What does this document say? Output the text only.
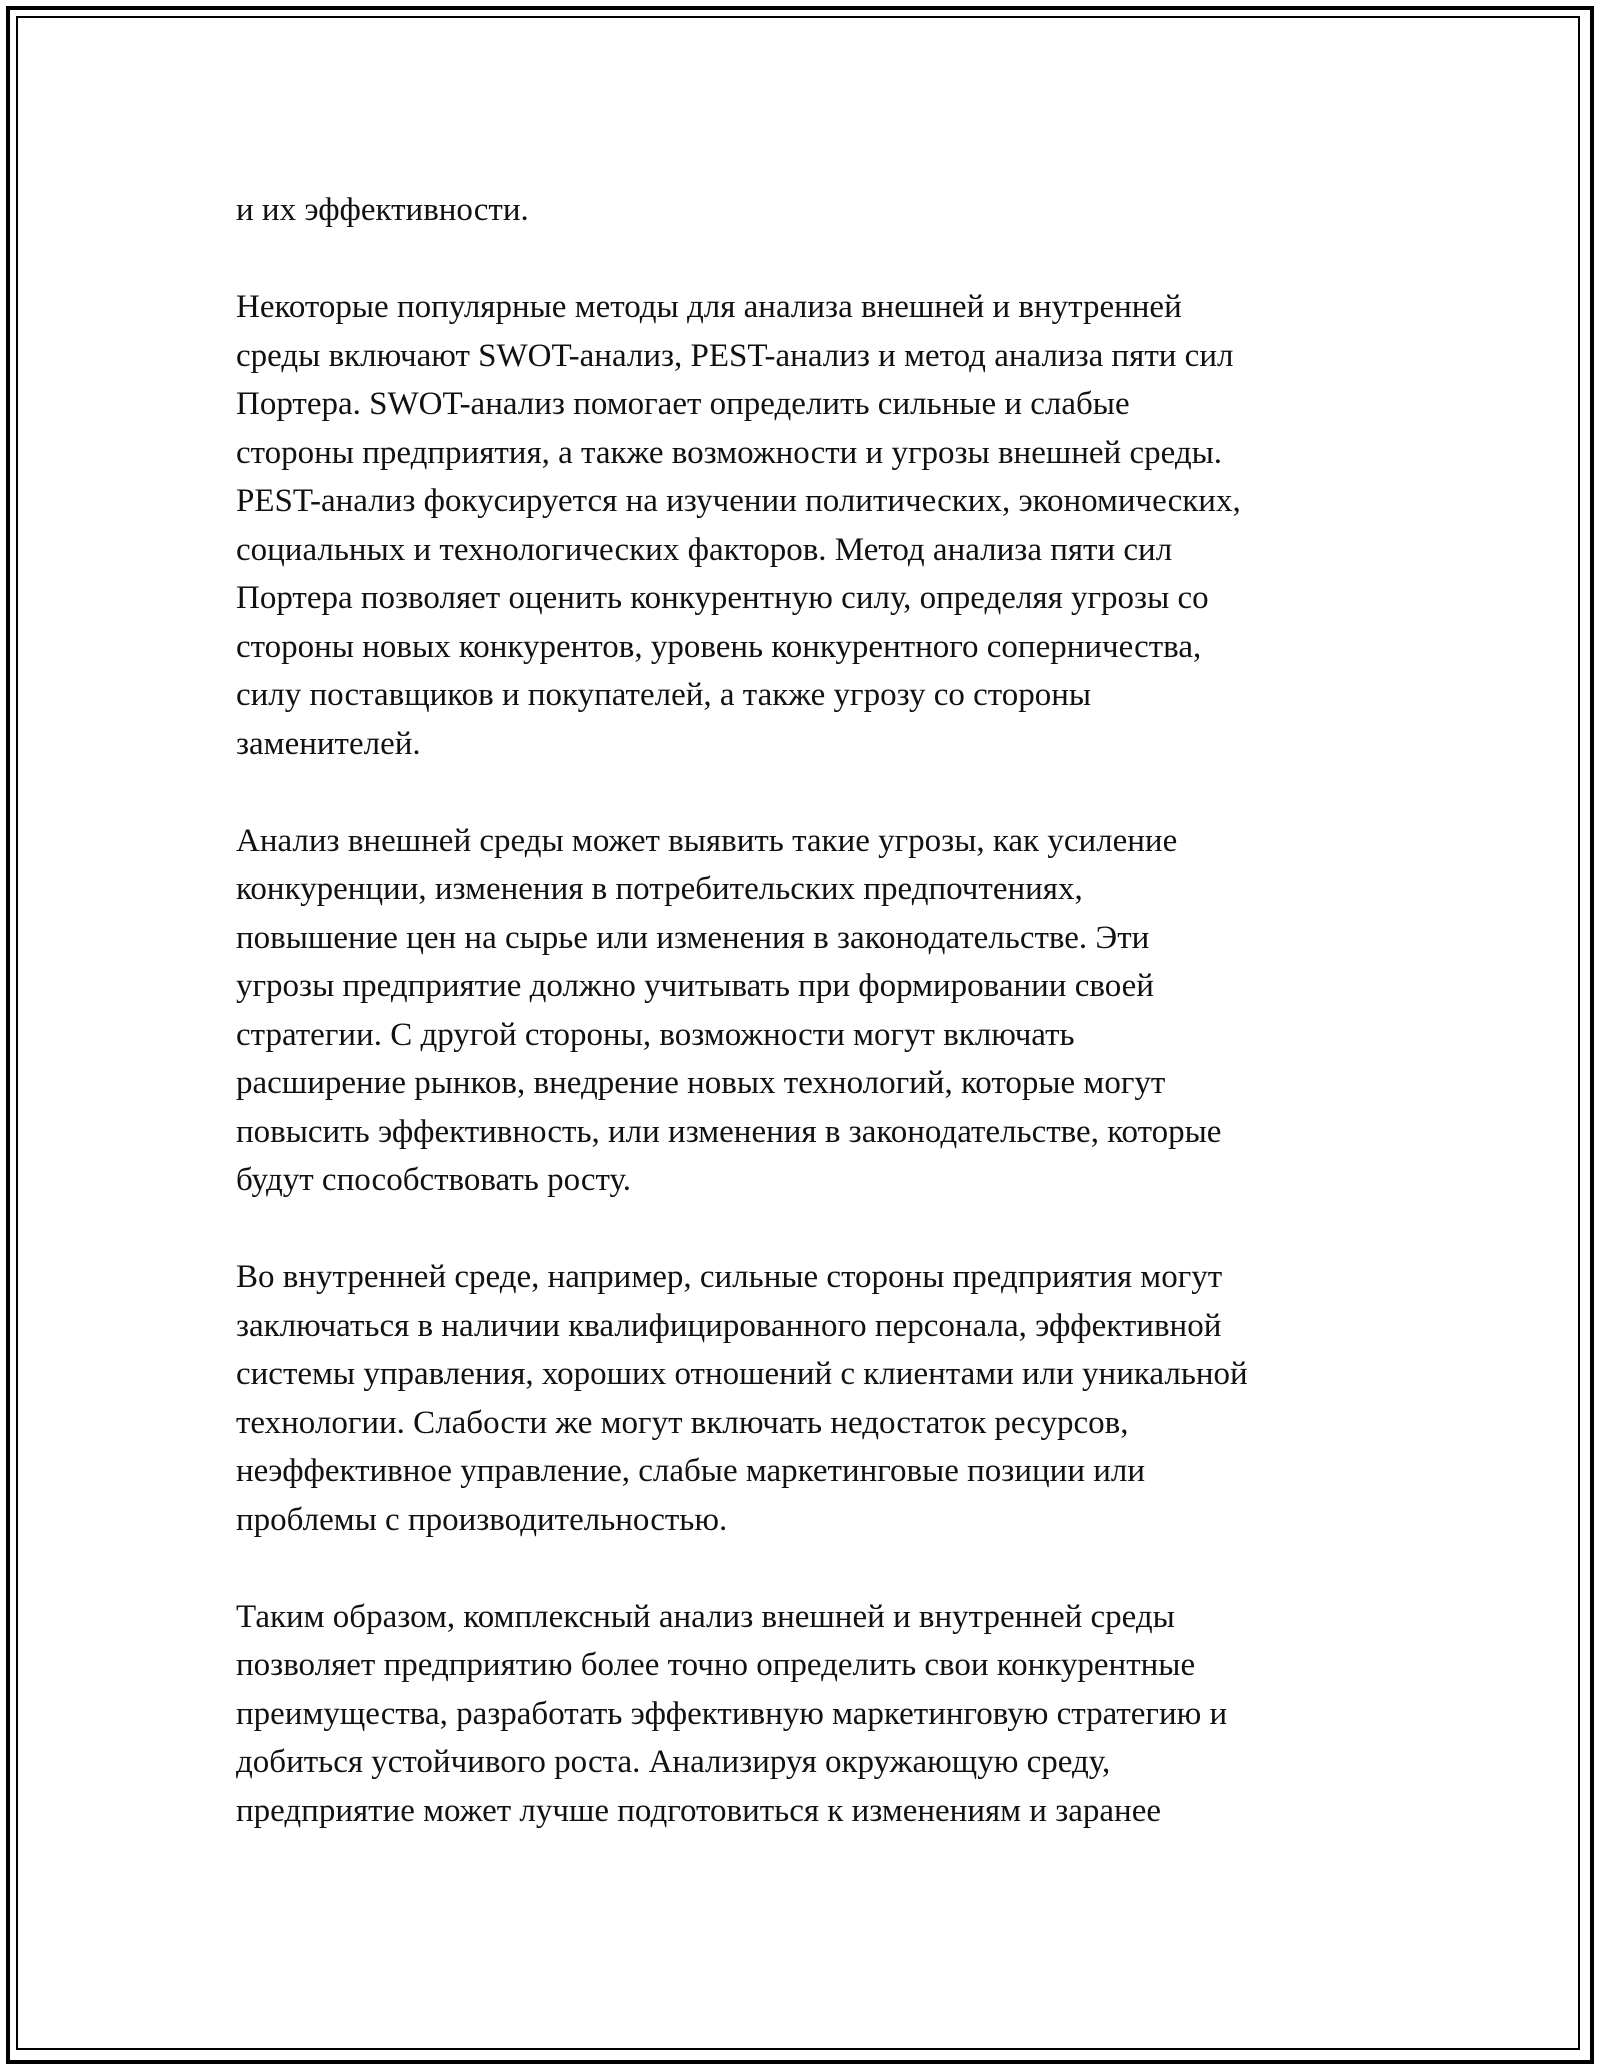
и их эффективности.
Некоторые популярные методы для анализа внешней и внутренней
среды включают SWOT-анализ, PEST-анализ и метод анализа пяти сил
Портера. SWOT-анализ помогает определить сильные и слабые
стороны предприятия, а также возможности и угрозы внешней среды.
PEST-анализ фокусируется на изучении политических, экономических,
социальных и технологических факторов. Метод анализа пяти сил
Портера позволяет оценить конкурентную силу, определяя угрозы со
стороны новых конкурентов, уровень конкурентного соперничества,
силу поставщиков и покупателей, а также угрозу со стороны
заменителей.
Анализ внешней среды может выявить такие угрозы, как усиление
конкуренции, изменения в потребительских предпочтениях,
повышение цен на сырье или изменения в законодательстве. Эти
угрозы предприятие должно учитывать при формировании своей
стратегии. С другой стороны, возможности могут включать
расширение рынков, внедрение новых технологий, которые могут
повысить эффективность, или изменения в законодательстве, которые
будут способствовать росту.
Во внутренней среде, например, сильные стороны предприятия могут
заключаться в наличии квалифицированного персонала, эффективной
системы управления, хороших отношений с клиентами или уникальной
технологии. Слабости же могут включать недостаток ресурсов,
неэффективное управление, слабые маркетинговые позиции или
проблемы с производительностью.
Таким образом, комплексный анализ внешней и внутренней среды
позволяет предприятию более точно определить свои конкурентные
преимущества, разработать эффективную маркетинговую стратегию и
добиться устойчивого роста. Анализируя окружающую среду,
предприятие может лучше подготовиться к изменениям и заранее
